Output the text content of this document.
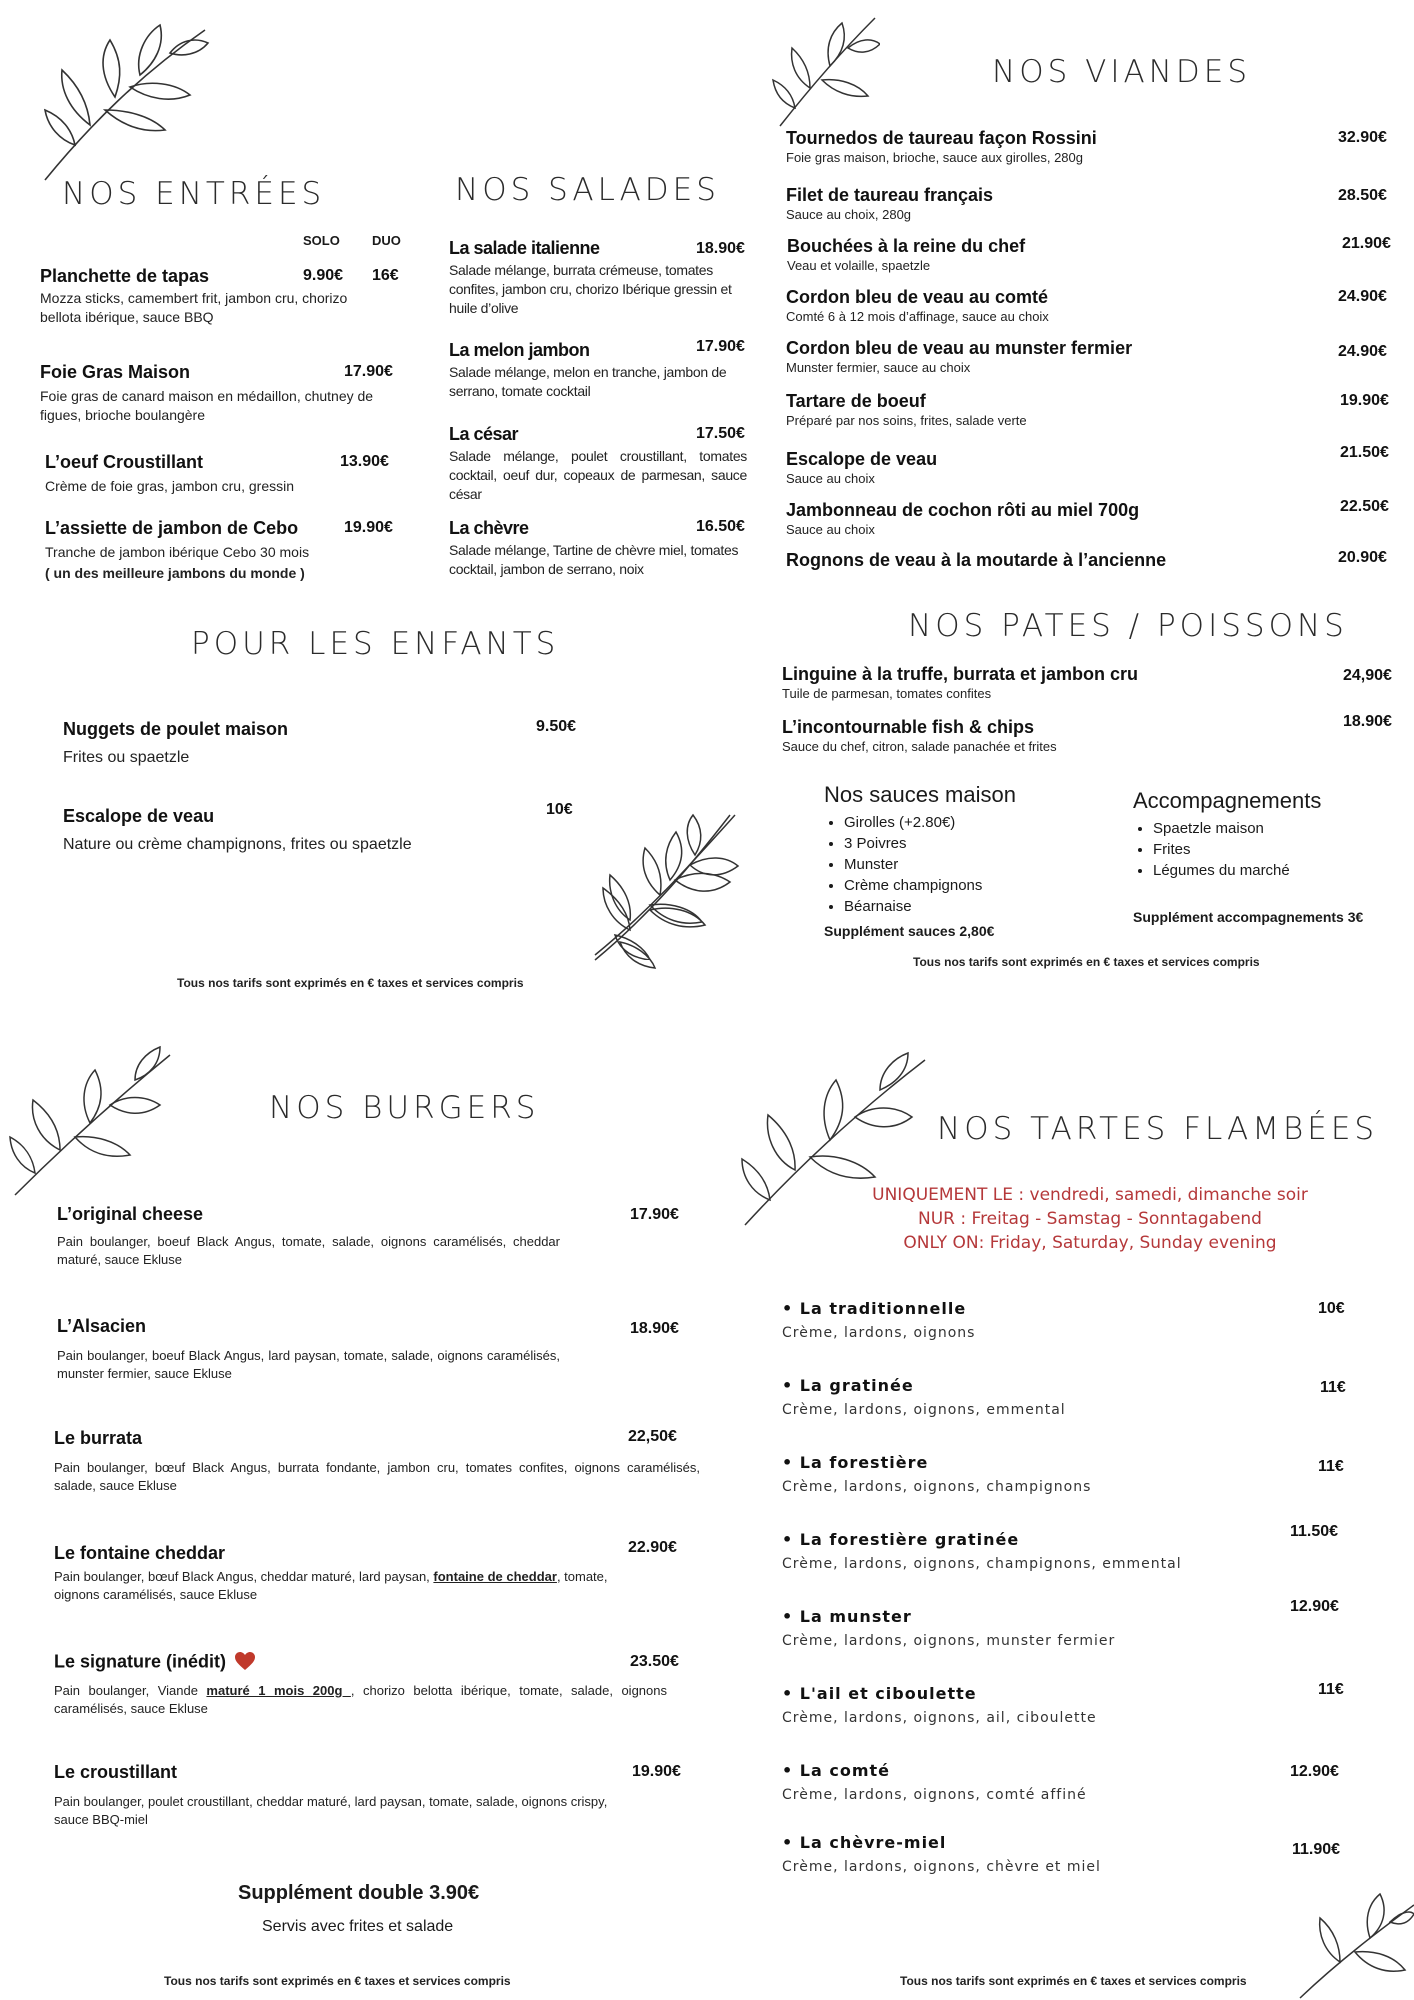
NOS ENTRÉES
SOLO DUO
Planchette de tapas
Mozza sticks, camembert frit, jambon cru, chorizo bellota ibérique, sauce BBQ
9.90€ 16€
Foie Gras Maison
Foie gras de canard maison en médaillon, chutney de figues, brioche boulangère
17.90€
L’oeuf Croustillant
Crème de foie gras, jambon cru, gressin
13.90€
L’assiette de jambon de Cebo
Tranche de jambon ibérique Cebo 30 mois
( un des meilleure jambons du monde )
19.90€
NOS SALADES
La salade italienne
Salade mélange, burrata crémeuse, tomates confites, jambon cru, chorizo Ibérique gressin et huile d’olive
18.90€
La melon jambon
Salade mélange, melon en tranche, jambon de serrano, tomate cocktail
17.90€
La césar
Salade mélange, poulet croustillant, tomates cocktail, oeuf dur, copeaux de parmesan, sauce césar
17.50€
La chèvre
Salade mélange, Tartine de chèvre miel, tomates cocktail, jambon de serrano, noix
16.50€
NOS VIANDES
Tournedos de taureau façon Rossini
Foie gras maison, brioche, sauce aux girolles, 280g
32.90€
Filet de taureau français
Sauce au choix, 280g
28.50€
Bouchées à la reine du chef
Veau et volaille, spaetzle
21.90€
Cordon bleu de veau au comté
Comté 6 à 12 mois d’affinage, sauce au choix
24.90€
Cordon bleu de veau au munster fermier
Munster fermier, sauce au choix
24.90€
Tartare de boeuf
Préparé par nos soins, frites, salade verte
19.90€
Escalope de veau
Sauce au choix
21.50€
Jambonneau de cochon rôti au miel 700g
Sauce au choix
22.50€
Rognons de veau à la moutarde à l’ancienne	20.90€
POUR LES ENFANTS
Nuggets de poulet maison
Frites ou spaetzle
9.50€
Escalope de veau
Nature ou crème champignons, frites ou spaetzle
10€
Tous nos tarifs sont exprimés en € taxes et services compris
NOS PATES / POISSONS
Linguine à la truffe, burrata et jambon cru
Tuile de parmesan, tomates confites
24,90€
L’incontournable fish & chips
Sauce du chef, citron, salade panachée et frites
18.90€
Nos sauces maison
• Girolles (+2.80€)
• 3 Poivres
• Munster
• Crème champignons
• Béarnaise
Supplément sauces 2,80€
Accompagnements
• Spaetzle maison
• Frites
• Légumes du marché
Supplément accompagnements 3€
Tous nos tarifs sont exprimés en € taxes et services compris
NOS BURGERS
L’original cheese
Pain boulanger, boeuf Black Angus, tomate, salade, oignons caramélisés, cheddar maturé, sauce Ekluse
17.90€
L’Alsacien
Pain boulanger, boeuf Black Angus, lard paysan, tomate, salade, oignons caramélisés, munster fermier, sauce Ekluse
18.90€
Le burrata
Pain boulanger, bœuf Black Angus, burrata fondante, jambon cru, tomates confites, oignons caramélisés, salade, sauce Ekluse
22,50€
Le fontaine cheddar
Pain boulanger, bœuf Black Angus, cheddar maturé, lard paysan, fontaine de cheddar, tomate, oignons caramélisés, sauce Ekluse
22.90€
Le signature (inédit)
Pain boulanger, Viande maturé 1 mois 200g , chorizo belotta ibérique, tomate, salade, oignons caramélisés, sauce Ekluse
23.50€
Le croustillant
Pain boulanger, poulet croustillant, cheddar maturé, lard paysan, tomate, salade, oignons crispy, sauce BBQ-miel
19.90€
Supplément double 3.90€
Servis avec frites et salade
Tous nos tarifs sont exprimés en € taxes et services compris
NOS TARTES FLAMBÉES
UNIQUEMENT LE : vendredi, samedi, dimanche soir
NUR : Freitag - Samstag - Sonntagabend
ONLY ON: Friday, Saturday, Sunday evening
• La traditionnelle
Crème, lardons, oignons
10€
• La gratinée
Crème, lardons, oignons, emmental
11€
• La forestière
Crème, lardons, oignons, champignons
11€
• La forestière gratinée
Crème, lardons, oignons, champignons, emmental
11.50€
• La munster
Crème, lardons, oignons, munster fermier
12.90€
• L'ail et ciboulette
Crème, lardons, oignons, ail, ciboulette
11€
• La comté
Crème, lardons, oignons, comté affiné
12.90€
• La chèvre-miel
Crème, lardons, oignons, chèvre et miel
11.90€
Tous nos tarifs sont exprimés en € taxes et services compris
